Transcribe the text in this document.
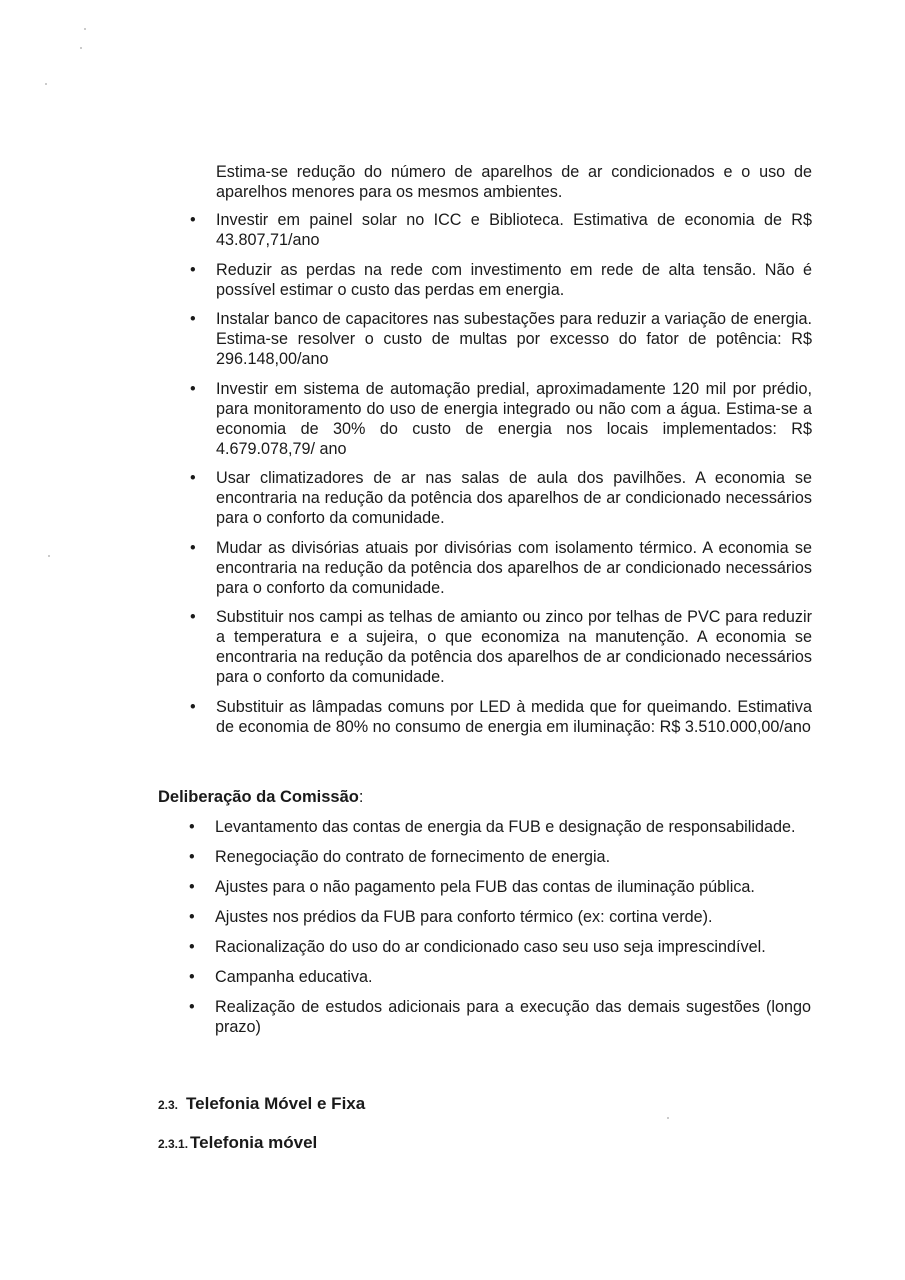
Estima-se redução do número de aparelhos de ar condicionados e o uso de aparelhos menores para os mesmos ambientes.
• Investir em painel solar no ICC e Biblioteca. Estimativa de economia de R$ 43.807,71/ano
• Reduzir as perdas na rede com investimento em rede de alta tensão. Não é possível estimar o custo das perdas em energia.
• Instalar banco de capacitores nas subestações para reduzir a variação de energia. Estima-se resolver o custo de multas por excesso do fator de potência: R$ 296.148,00/ano
• Investir em sistema de automação predial, aproximadamente 120 mil por prédio, para monitoramento do uso de energia integrado ou não com a água. Estima-se a economia de 30% do custo de energia nos locais implementados: R$ 4.679.078,79/ ano
• Usar climatizadores de ar nas salas de aula dos pavilhões. A economia se encontraria na redução da potência dos aparelhos de ar condicionado necessários para o conforto da comunidade.
• Mudar as divisórias atuais por divisórias com isolamento térmico. A economia se encontraria na redução da potência dos aparelhos de ar condicionado necessários para o conforto da comunidade.
• Substituir nos campi as telhas de amianto ou zinco por telhas de PVC para reduzir a temperatura e a sujeira, o que economiza na manutenção. A economia se encontraria na redução da potência dos aparelhos de ar condicionado necessários para o conforto da comunidade.
• Substituir as lâmpadas comuns por LED à medida que for queimando. Estimativa de economia de 80% no consumo de energia em iluminação: R$ 3.510.000,00/ano
Deliberação da Comissão:
• Levantamento das contas de energia da FUB e designação de responsabilidade.
• Renegociação do contrato de fornecimento de energia.
• Ajustes para o não pagamento pela FUB das contas de iluminação pública.
• Ajustes nos prédios da FUB para conforto térmico (ex: cortina verde).
• Racionalização do uso do ar condicionado caso seu uso seja imprescindível.
• Campanha educativa.
• Realização de estudos adicionais para a execução das demais sugestões (longo prazo)
2.3. Telefonia Móvel e Fixa
2.3.1. Telefonia móvel
